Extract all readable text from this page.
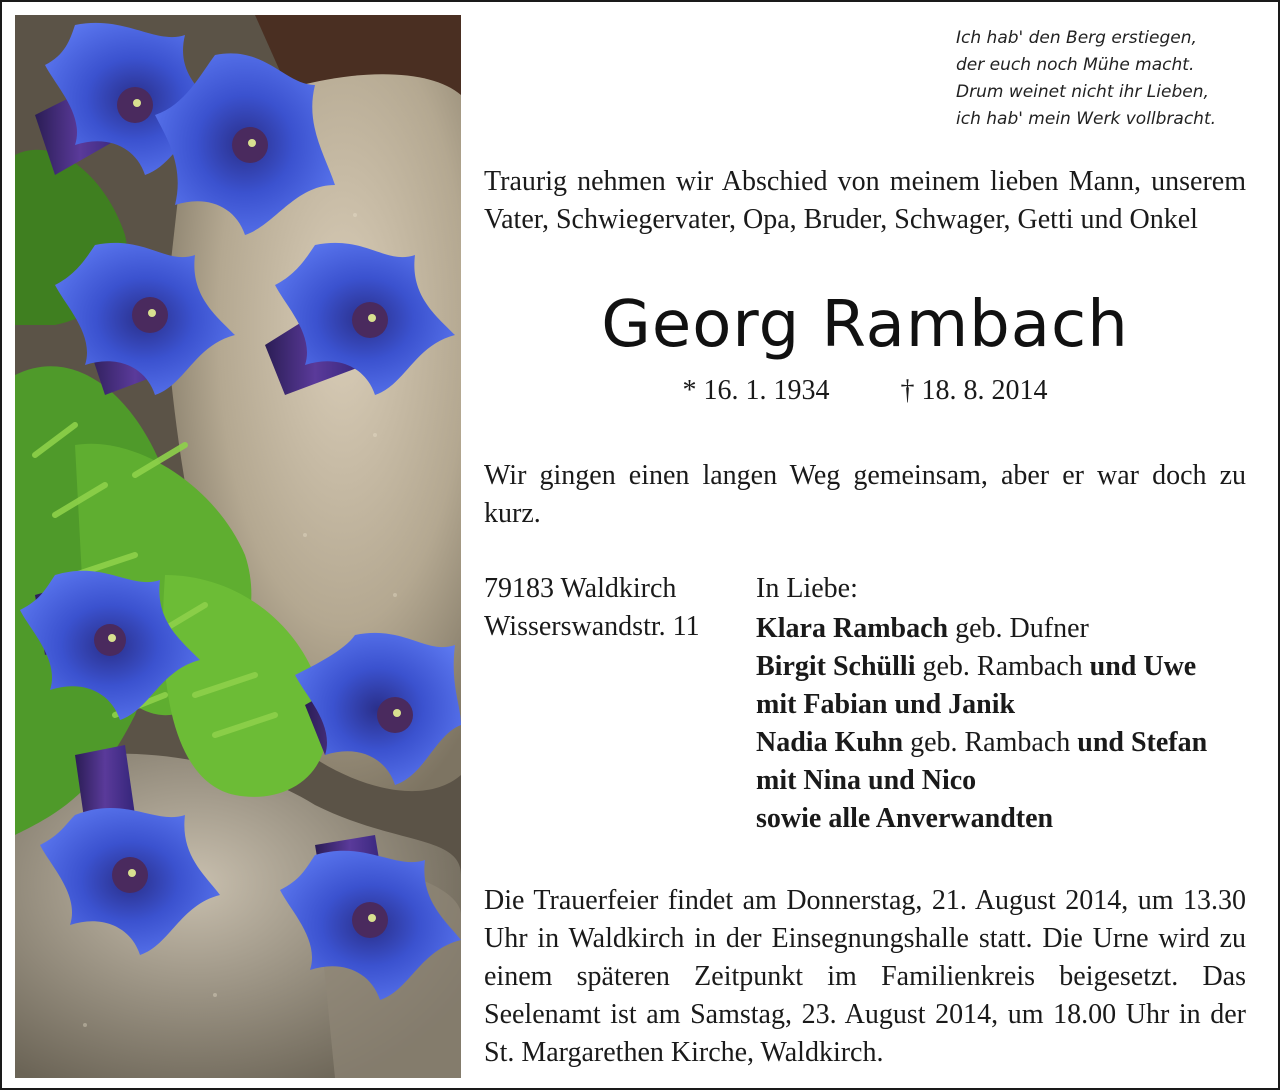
Ich hab' den Berg erstiegen,
der euch noch Mühe macht.
Drum weinet nicht ihr Lieben,
ich hab' mein Werk vollbracht.
Traurig nehmen wir Abschied von meinem lieben Mann, unserem Vater, Schwiegervater, Opa, Bruder, Schwager, Getti und Onkel
Georg Rambach
* 16. 1. 1934	† 18. 8. 2014
Wir gingen einen langen Weg gemeinsam, aber er war doch zu kurz.
79183 Waldkirch
Wisserswandstr. 11
In Liebe:
Klara Rambach geb. Dufner
Birgit Schülli geb. Rambach und Uwe
mit Fabian und Janik
Nadia Kuhn geb. Rambach und Stefan
mit Nina und Nico
sowie alle Anverwandten
Die Trauerfeier findet am Donnerstag, 21. August 2014, um 13.30 Uhr in Waldkirch in der Einsegnungshalle statt. Die Urne wird zu einem späteren Zeitpunkt im Familienkreis beigesetzt. Das Seelenamt ist am Samstag, 23. August 2014, um 18.00 Uhr in der St. Margarethen Kirche, Waldkirch.
